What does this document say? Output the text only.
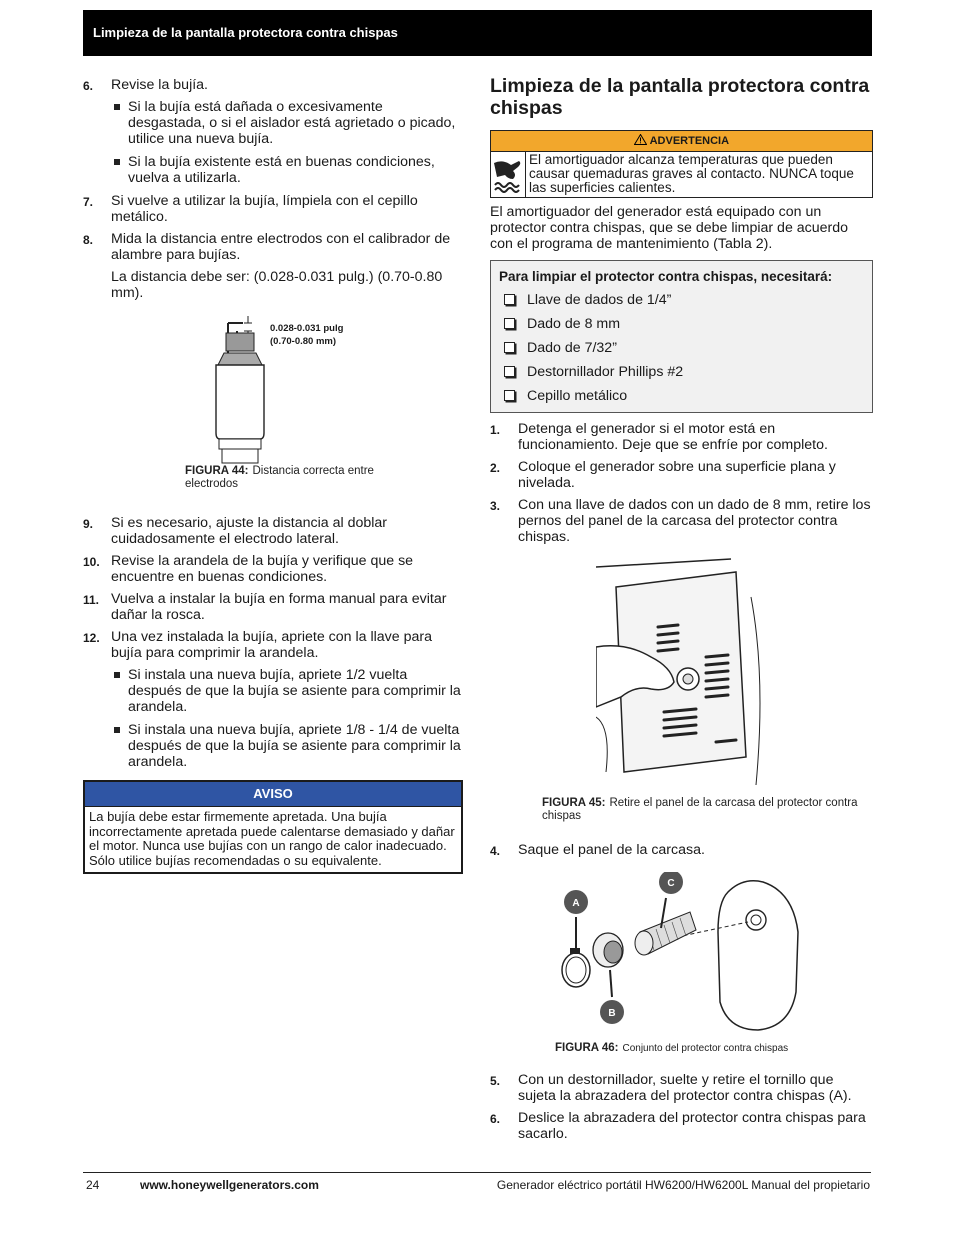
Limpieza de la pantalla protectora contra chispas
6. Revise la bujía.
Si la bujía está dañada o excesivamente desgastada, o si el aislador está agrietado o picado, utilice una nueva bujía.
Si la bujía existente está en buenas condiciones, vuelva a utilizarla.
7. Si vuelve a utilizar la bujía, límpiela con el cepillo metálico.
8. Mida la distancia entre electrodos con el calibrador de alambre para bujías.
La distancia debe ser: (0.028-0.031 pulg.) (0.70-0.80 mm).
0.028-0.031 pulg
(0.70-0.80 mm)
FIGURA 44: Distancia correcta entre electrodos
9. Si es necesario, ajuste la distancia al doblar cuidadosamente el electrodo lateral.
10. Revise la arandela de la bujía y verifique que se encuentre en buenas condiciones.
11. Vuelva a instalar la bujía en forma manual para evitar dañar la rosca.
12. Una vez instalada la bujía, apriete con la llave para bujía para comprimir la arandela.
Si instala una nueva bujía, apriete 1/2 vuelta después de que la bujía se asiente para comprimir la arandela.
Si instala una nueva bujía, apriete 1/8 - 1/4 de vuelta después de que la bujía se asiente para comprimir la arandela.
AVISO
La bujía debe estar firmemente apretada. Una bujía incorrectamente apretada puede calentarse demasiado y dañar el motor. Nunca use bujías con un rango de calor inadecuado. Sólo utilice bujías recomendadas o su equivalente.
Limpieza de la pantalla protectora contra chispas
ADVERTENCIA
El amortiguador alcanza temperaturas que pueden causar quemaduras graves al contacto. NUNCA toque las superficies calientes.
El amortiguador del generador está equipado con un protector contra chispas, que se debe limpiar de acuerdo con el programa de mantenimiento (Tabla 2).
Para limpiar el protector contra chispas, necesitará:
Llave de dados de 1/4”
Dado de 8 mm
Dado de 7/32”
Destornillador Phillips #2
Cepillo metálico
1. Detenga el generador si el motor está en funcionamiento. Deje que se enfríe por completo.
2. Coloque el generador sobre una superficie plana y nivelada.
3. Con una llave de dados con un dado de 8 mm, retire los pernos del panel de la carcasa del protector contra chispas.
FIGURA 45: Retire el panel de la carcasa del protector contra chispas
4. Saque el panel de la carcasa.
A
B
C
FIGURA 46: Conjunto del protector contra chispas
5. Con un destornillador, suelte y retire el tornillo que sujeta la abrazadera del protector contra chispas (A).
6. Deslice la abrazadera del protector contra chispas para sacarlo.
24	www.honeywellgenerators.com	Generador eléctrico portátil HW6200/HW6200L Manual del propietario
